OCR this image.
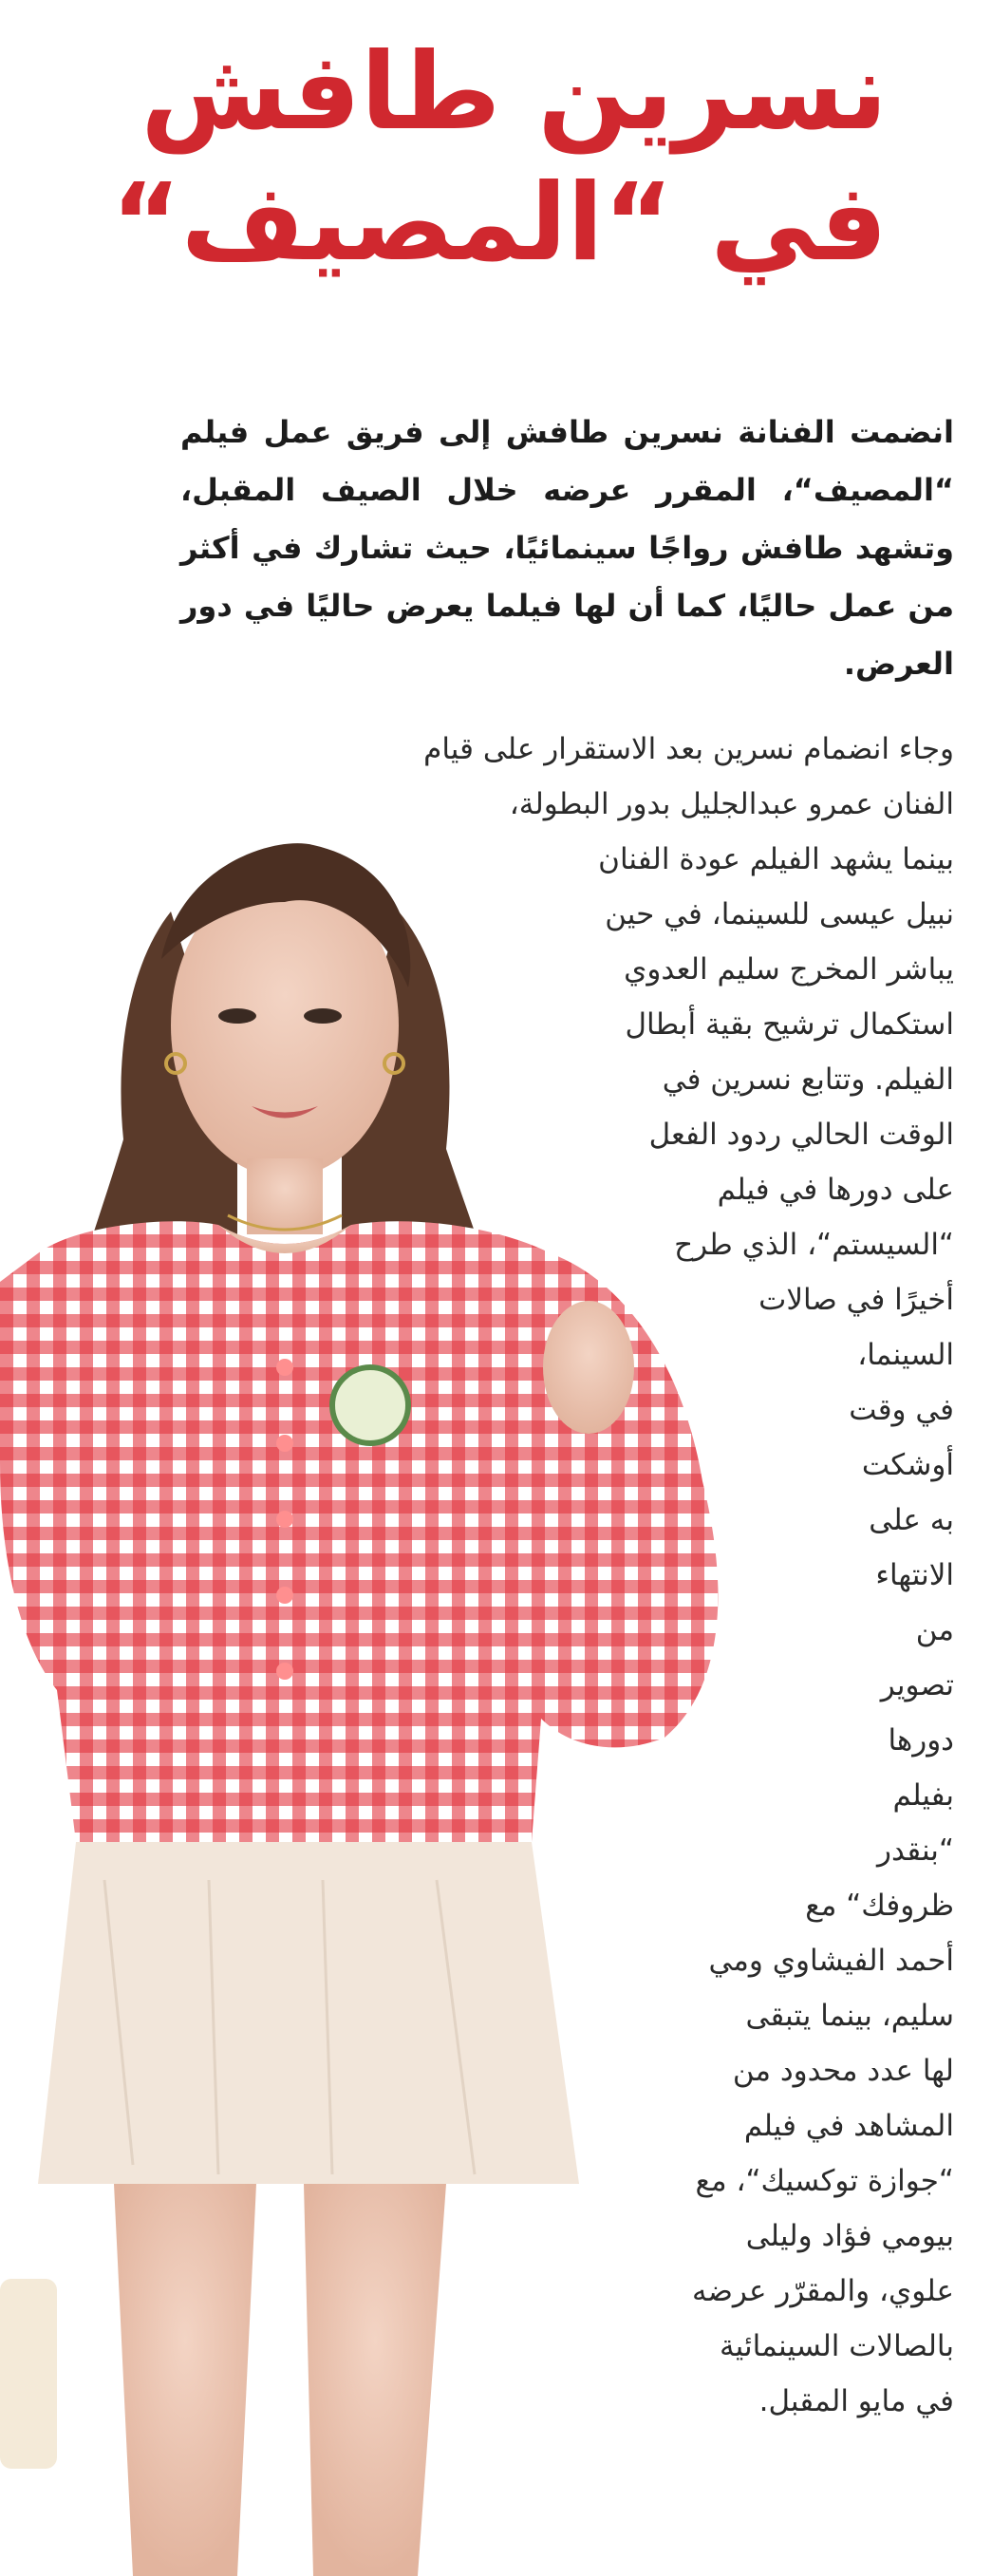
نسرين طافش
في “المصيف“
انضمت الفنانة نسرين طافش إلى فريق عمل فيلم “المصيف“، المقرر عرضه خلال الصيف المقبل، وتشهد طافش رواجًا سينمائيًا، حيث تشارك في أكثر من عمل حاليًا، كما أن لها فيلما يعرض حاليًا في دور العرض.
وجاء انضمام نسرين بعد الاستقرار على قيام
الفنان عمرو عبدالجليل بدور البطولة،
بينما يشهد الفيلم عودة الفنان
نبيل عيسى للسينما، في حين
يباشر المخرج سليم العدوي
استكمال ترشيح بقية أبطال
الفيلم. وتتابع نسرين في
الوقت الحالي ردود الفعل
على دورها في فيلم
“السيستم“، الذي طرح
أخيرًا في صالات
السينما،
في وقت
أوشكت
به على
الانتهاء
من
تصوير
دورها
بفيلم
“بنقدر
ظروفك“ مع
أحمد الفيشاوي ومي
سليم، بينما يتبقى
لها عدد محدود من
المشاهد في فيلم
“جوازة توكسيك“، مع
بيومي فؤاد وليلى
علوي، والمقرّر عرضه
بالصالات السينمائية
في مايو المقبل.
